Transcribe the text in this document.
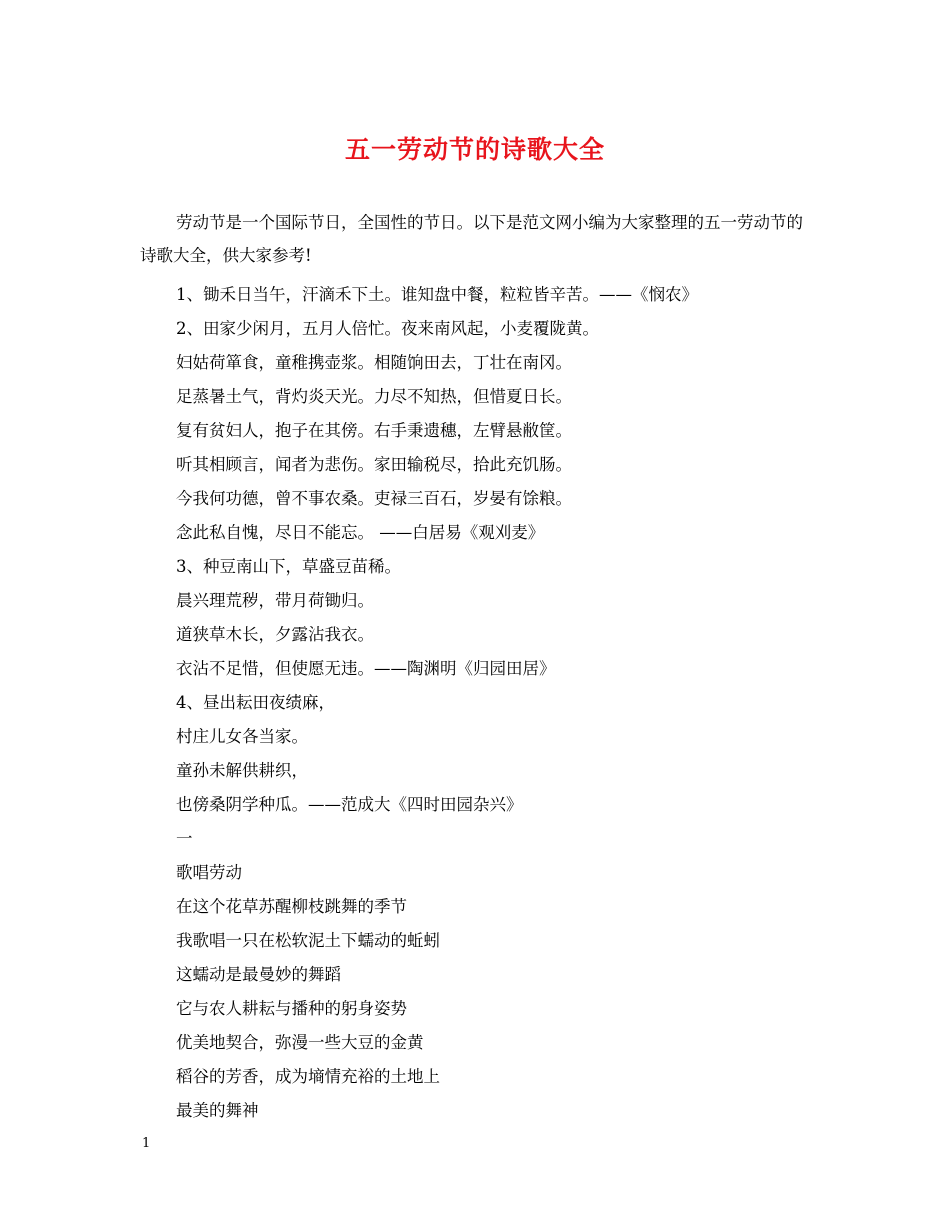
五一劳动节的诗歌大全

劳动节是一个国际节日，全国性的节日。以下是范文网小编为大家整理的五一劳动节的诗歌大全，供大家参考!

1、锄禾日当午，汗滴禾下土。谁知盘中餐，粒粒皆辛苦。——《悯农》
2、田家少闲月，五月人倍忙。夜来南风起，小麦覆陇黄。
妇姑荷箪食，童稚携壶浆。相随饷田去，丁壮在南冈。
足蒸暑土气，背灼炎天光。力尽不知热，但惜夏日长。
复有贫妇人，抱子在其傍。右手秉遗穗，左臂悬敝筐。
听其相顾言，闻者为悲伤。家田输税尽，拾此充饥肠。
今我何功德，曾不事农桑。吏禄三百石，岁晏有馀粮。
念此私自愧，尽日不能忘。 ——白居易《观刈麦》
3、种豆南山下，草盛豆苗稀。
晨兴理荒秽，带月荷锄归。
道狭草木长，夕露沾我衣。
衣沾不足惜，但使愿无违。——陶渊明《归园田居》
4、昼出耘田夜绩麻，
村庄儿女各当家。
童孙未解供耕织，
也傍桑阴学种瓜。——范成大《四时田园杂兴》
一
歌唱劳动
在这个花草苏醒柳枝跳舞的季节
我歌唱一只在松软泥土下蠕动的蚯蚓
这蠕动是最曼妙的舞蹈
它与农人耕耘与播种的躬身姿势
优美地契合，弥漫一些大豆的金黄
稻谷的芳香，成为墒情充裕的土地上
最美的舞神
1
